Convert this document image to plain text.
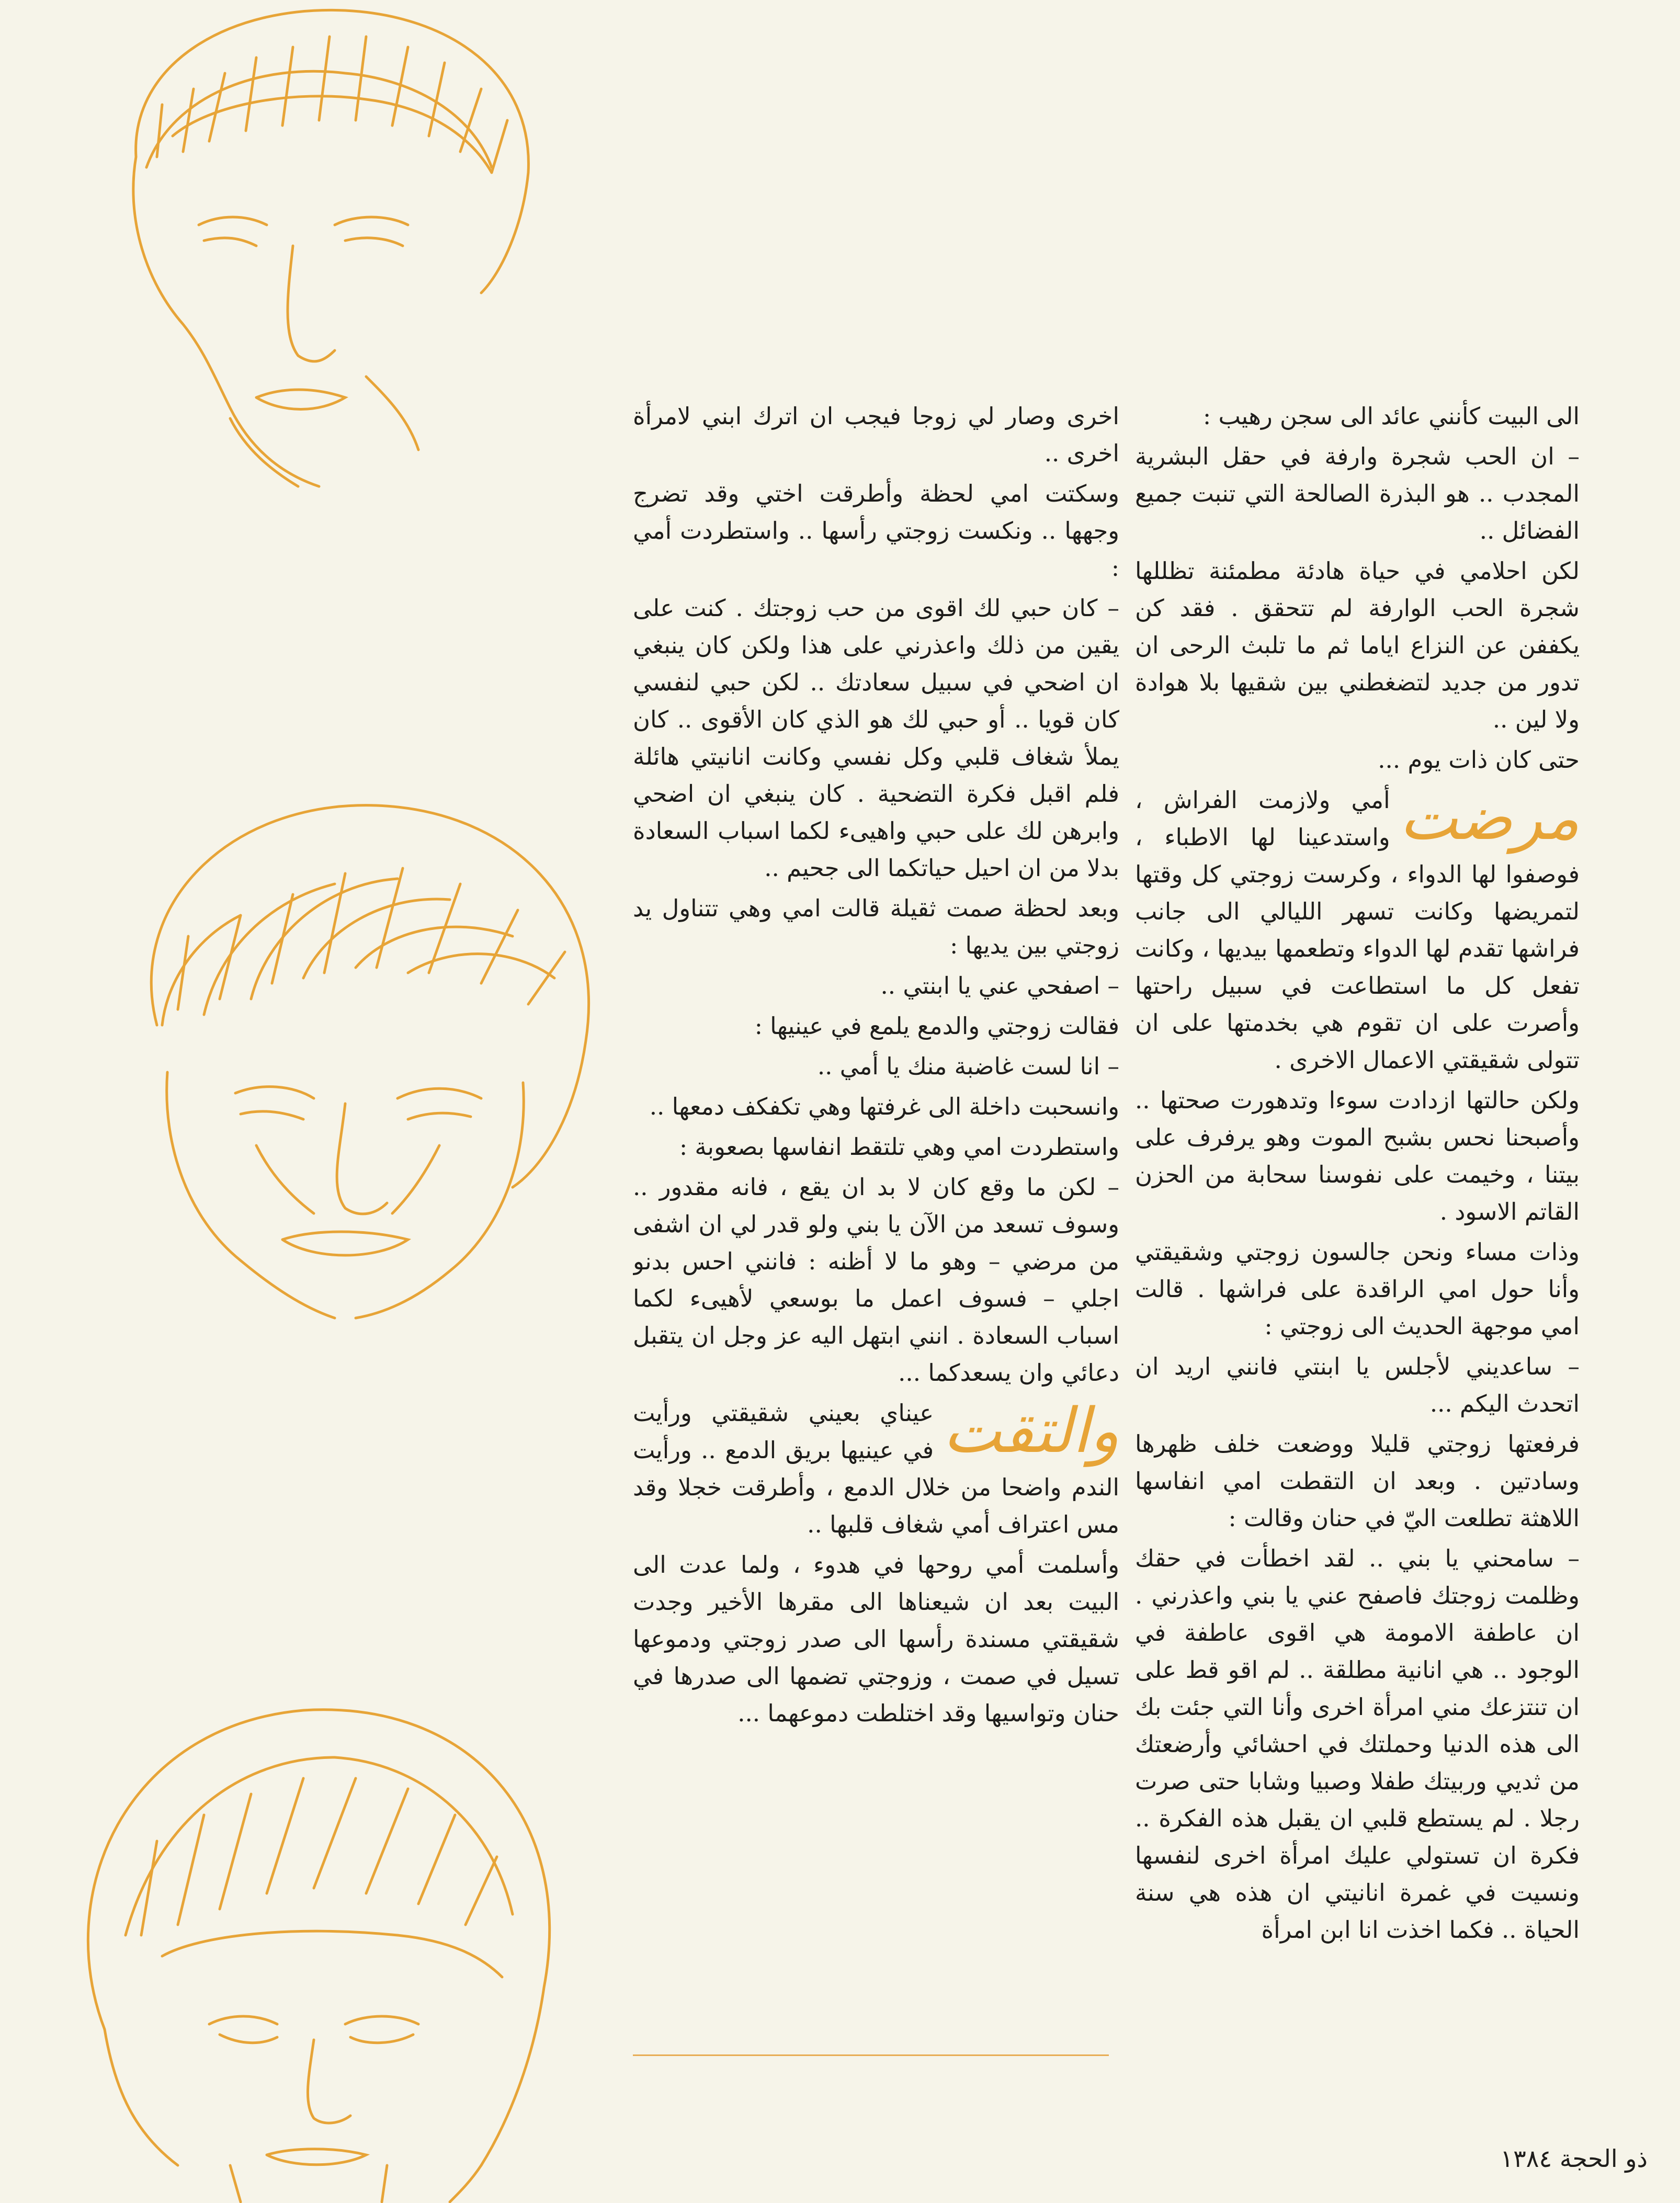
الى البيت كأنني عائد الى سجن رهيب :

– ان الحب شجرة وارفة في حقل البشرية المجدب .. هو البذرة الصالحة التي تنبت جميع الفضائل ..

لكن احلامي في حياة هادئة مطمئنة تظللها شجرة الحب الوارفة لم تتحقق . فقد كن يكففن عن النزاع اياما ثم ما تلبث الرحى ان تدور من جديد لتضغطني بين شقيها بلا هوادة ولا لين ..

حتى كان ذات يوم ...

مرضت
أمي ولازمت الفراش ، واستدعينا لها الاطباء ، فوصفوا لها الدواء ، وكرست زوجتي كل وقتها لتمريضها وكانت تسهر الليالي الى جانب فراشها تقدم لها الدواء وتطعمها بيديها ، وكانت تفعل كل ما استطاعت في سبيل راحتها وأصرت على ان تقوم هي بخدمتها على ان تتولى شقيقتي الاعمال الاخرى .

ولكن حالتها ازدادت سوءا وتدهورت صحتها .. وأصبحنا نحس بشبح الموت وهو يرفرف على بيتنا ، وخيمت على نفوسنا سحابة من الحزن القاتم الاسود .

وذات مساء ونحن جالسون زوجتي وشقيقتي وأنا حول امي الراقدة على فراشها . قالت امي موجهة الحديث الى زوجتي :

– ساعديني لأجلس يا ابنتي فانني اريد ان اتحدث اليكم ...

فرفعتها زوجتي قليلا ووضعت خلف ظهرها وسادتين . وبعد ان التقطت امي انفاسها اللاهثة تطلعت اليّ في حنان وقالت :

– سامحني يا بني .. لقد اخطأت في حقك وظلمت زوجتك فاصفح عني يا بني واعذرني . ان عاطفة الامومة هي اقوى عاطفة في الوجود .. هي انانية مطلقة .. لم اقو قط على ان تنتزعك مني امرأة اخرى وأنا التي جئت بك الى هذه الدنيا وحملتك في احشائي وأرضعتك من ثديي وربيتك طفلا وصبيا وشابا حتى صرت رجلا . لم يستطع قلبي ان يقبل هذه الفكرة .. فكرة ان تستولي عليك امرأة اخرى لنفسها ونسيت في غمرة انانيتي ان هذه هي سنة الحياة .. فكما اخذت انا ابن امرأة

اخرى وصار لي زوجا فيجب ان اترك ابني لامرأة اخرى ..

وسكتت امي لحظة وأطرقت اختي وقد تضرج وجهها .. ونكست زوجتي رأسها .. واستطردت أمي :

– كان حبي لك اقوى من حب زوجتك . كنت على يقين من ذلك واعذرني على هذا ولكن كان ينبغي ان اضحي في سبيل سعادتك .. لكن حبي لنفسي كان قويا .. أو حبي لك هو الذي كان الأقوى .. كان يملأ شغاف قلبي وكل نفسي وكانت انانيتي هائلة فلم اقبل فكرة التضحية . كان ينبغي ان اضحي وابرهن لك على حبي واهيىء لكما اسباب السعادة بدلا من ان احيل حياتكما الى جحيم ..

وبعد لحظة صمت ثقيلة قالت امي وهي تتناول يد زوجتي بين يديها :

– اصفحي عني يا ابنتي ..

فقالت زوجتي والدمع يلمع في عينيها :

– انا لست غاضبة منك يا أمي ..

وانسحبت داخلة الى غرفتها وهي تكفكف دمعها ..

واستطردت امي وهي تلتقط انفاسها بصعوبة :

– لكن ما وقع كان لا بد ان يقع ، فانه مقدور .. وسوف تسعد من الآن يا بني ولو قدر لي ان اشفى من مرضي – وهو ما لا أظنه : فانني احس بدنو اجلي – فسوف اعمل ما بوسعي لأهيىء لكما اسباب السعادة . انني ابتهل اليه عز وجل ان يتقبل دعائي وان يسعدكما ...

والتقت
عيناي بعيني شقيقتي ورأيت في عينيها بريق الدمع .. ورأيت الندم واضحا من خلال الدمع ، وأطرقت خجلا وقد مس اعتراف أمي شغاف قلبها ..

وأسلمت أمي روحها في هدوء ، ولما عدت الى البيت بعد ان شيعناها الى مقرها الأخير وجدت شقيقتي مسندة رأسها الى صدر زوجتي ودموعها تسيل في صمت ، وزوجتي تضمها الى صدرها في حنان وتواسيها وقد اختلطت دموعهما ...

ذو الحجة ١٣٨٤
